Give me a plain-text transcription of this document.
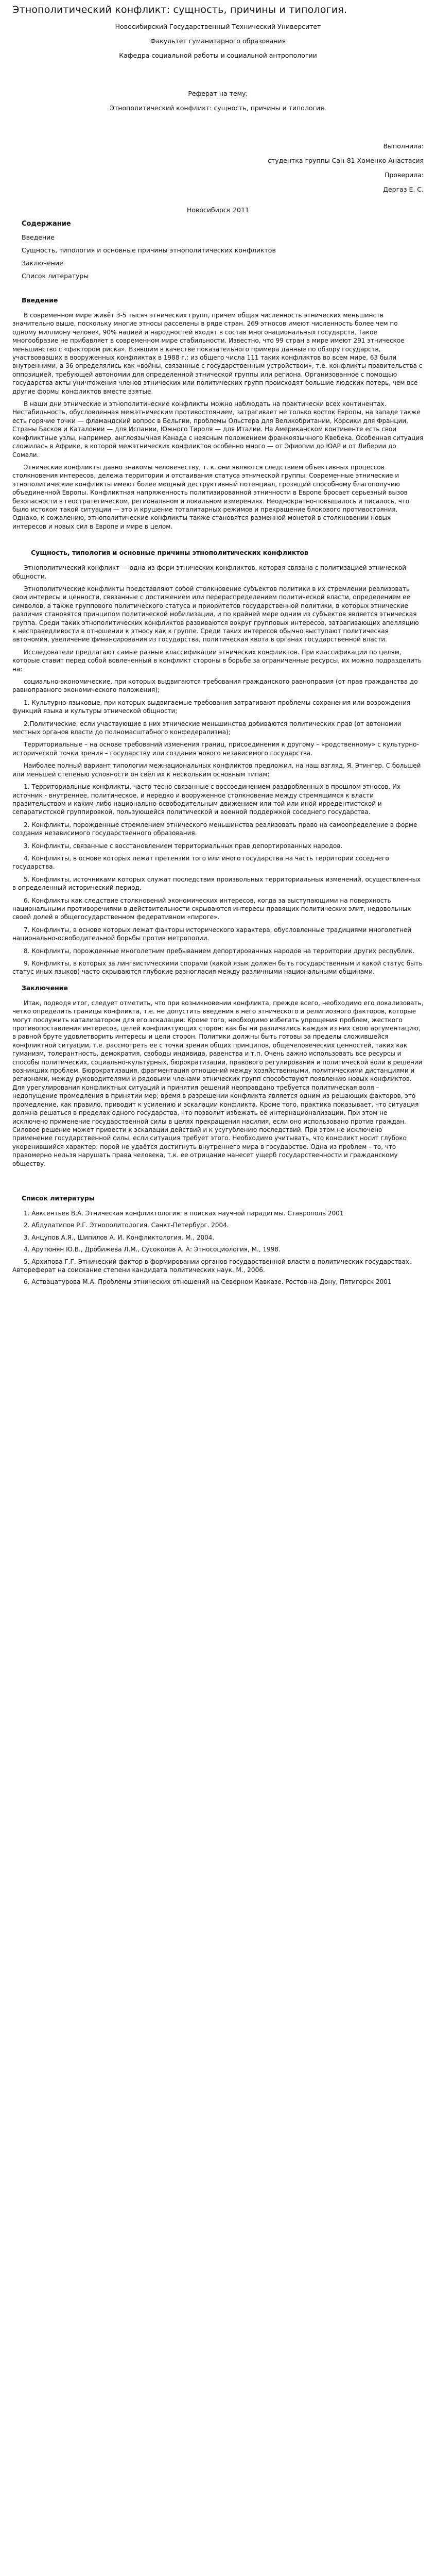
Этнополитический конфликт: сущность, причины и типология.
Новосибирский Государственный Технический Университет
Факультет гуманитарного образования
Кафедра социальной работы и социальной антропологии
Реферат на тему:
Этнополитический конфликт: сущность, причины и типология.
Выполнила:
студентка группы Сан-81 Хоменко Анастасия
Проверила:
Дергаз Е. С.
Новосибирск 2011
Содержание
Введение
Сущность, типология и основные причины этнополитических конфликтов
Заключение
Список литературы
Введение

В современном мире живёт 3-5 тысяч этнических групп, причем общая численность этнических меньшинств значительно выше, поскольку многие этносы расселены в ряде стран. 269 этносов имеют численность более чем по одному миллиону человек, 90% нацией и народностей входят в состав многонациональных государств. Такое многообразие не прибавляет в современном мире стабильности. Известно, что 99 стран в мире имеют 291 этническое меньшинство с «фактором риска». Взявшим в качестве показательного примера данные по обзору государств, участвовавших в вооруженных конфликтах в 1988 г.: из общего числа 111 таких конфликтов во всем мире, 63 были внутренними, а 36 определялись как «войны, связанные с государственным устройством», т.е. конфликты правительства с оппозицией, требующей автономии для определенной этнической группы или региона. Организованное с помощью государства акты уничтожения членов этнических или политических групп происходят большие людских потерь, чем все другие формы конфликтов вместе взятые.

В наши дни этнические и этнополитические конфликты можно наблюдать на практически всех континентах. Нестабильность, обусловленная межэтническим противостоянием, затрагивает не только восток Европы, на западе также есть горячие точки — фламандский вопрос в Бельгии, проблемы Ольстера для Великобритании, Корсики для Франции, Страны Басков и Каталонии — для Испании, Южного Тироля — для Италии. На Американском континенте есть свои конфликтные узлы, например, англоязычная Канада с неясным положением франкоязычного Квебека. Особенная ситуация сложилась в Африке, в которой межэтнических конфликтов особенно много — от Эфиопии до ЮАР и от Либерии до Сомали.

Этнические конфликты давно знакомы человечеству, т. к. они являются следствием объективных процессов столкновения интересов, дележа территории и отстаивания статуса этнической группы. Современные этнические и этнополитические конфликты имеют более мощный деструктивный потенциал, грозящий способному благополучию объединенной Европы. Конфликтная напряженность политизированной этничности в Европе бросает серьезный вызов безопасности в геостратегическом, региональном и локальном измерениях. Неоднократно-повышалось и писалось, что было истоком такой ситуации — это и крушение тоталитарных режимов и прекращение блокового противостояния. Однако, к сожалению, этнополитические конфликты также становятся разменной монетой в столкновении новых интересов и новых сил в Европе и мире в целом.

Сущность, типология и основные причины этнополитических конфликтов

Этнополитический конфликт — одна из форм этнических конфликтов, которая связана с политизацией этнической общности.

Этнополитические конфликты представляют собой столкновение субъектов политики в их стремлении реализовать свои интересы и ценности, связанные с достижением или перераспределением политической власти, определением ее символов, а также группового политического статуса и приоритетов государственной политики, в которых этнические различия становятся принципом политической мобилизации, и по крайней мере одним из субъектов является этническая группа. Среди таких этнополитических конфликтов развиваются вокруг групповых интересов, затрагивающих апелляцию к несправедливости в отношении к этносу как к группе. Среди таких интересов обычно выступают политическая автономия, увеличение финансирования из государства, политическая квота в органах государственной власти.

Исследователи предлагают самые разные классификации этнических конфликтов. При классификации по целям, которые ставит перед собой вовлеченный в конфликт стороны в борьбе за ограниченные ресурсы, их можно подразделить на:

социально-экономические, при которых выдвигаются требования гражданского равноправия (от прав гражданства до равноправного экономического положения);

1. Культурно-языковые, при которых выдвигаемые требования затрагивают проблемы сохранения или возрождения функций языка и культуры этнической общности;

2.Политические, если участвующие в них этнические меньшинства добиваются политических прав (от автономии местных органов власти до полномасштабного конфедерализма);

Территориальные – на основе требований изменения границ, присоединения к другому – «родственному» с культурно-исторической точки зрения – государству или создания нового независимого государства.

Наиболее полный вариант типологии межнациональных конфликтов предложил, на наш взгляд, Я. Этингер. С большей или меньшей степенью условности он свёл их к нескольким основным типам:

1. Территориальные конфликты, часто тесно связанные с воссоединением раздробленных в прошлом этносов. Их источник - внутреннее, политическое, и нередко и вооруженное столкновение между стремящимся к власти правительством и каким-либо национально-освободительным движением или той или иной ирредентистской и сепаратистской группировкой, пользующейся политической и военной поддержкой соседнего государства.

2. Конфликты, порожденные стремлением этнического меньшинства реализовать право на самоопределение в форме создания независимого государственного образования.

3. Конфликты, связанные с восстановлением территориальных прав депортированных народов.

4. Конфликты, в основе которых лежат претензии того или иного государства на часть территории соседнего государства.

5. Конфликты, источниками которых служат последствия произвольных территориальных изменений, осуществленных в определенный исторический период.

6. Конфликты как следствие столкновений экономических интересов, когда за выступающими на поверхность национальными противоречиями в действительности скрываются интересы правящих политических элит, недовольных своей долей в общегосударственном федеративном «пироге».

7. Конфликты, в основе которых лежат факторы исторического характера, обусловленные традициями многолетней национально-освободительной борьбы против метрополии.

8. Конфликты, порожденные многолетним пребыванием депортированных народов на территории других республик.

9. Конфликты, в которых за лингвистическими спорами (какой язык должен быть государственным и какой статус быть статус иных языков) часто скрываются глубокие разногласия между различными национальными общинами.

Заключение

Итак, подводя итог, следует отметить, что при возникновении конфликта, прежде всего, необходимо его локализовать, четко определить границы конфликта, т.е. не допустить введения в него этнического и религиозного факторов, которые могут послужить катализатором для его эскалации. Кроме того, необходимо избегать упрощения проблем, жесткого противопоставления интересов, целей конфликтующих сторон: как бы ни различались каждая из них свою аргументацию, в равной бруте удовлетворить интересы и цели сторон. Политики должны быть готовы за пределы сложившейся конфликтной ситуации, т.е. рассмотреть ее с точки зрения общих принципов, общечеловеческих ценностей, таких как гуманизм, толерантность, демократия, свободы индивида, равенства и т.п. Очень важно использовать все ресурсы и способы политических, социально-культурных, бюрократизации, правового регулирования и политической воли в решении возникших проблем. Бюрократизация, фрагментация отношений между хозяйственными, политическими дистанциями и регионами, между руководителями и рядовыми членами этнических групп способствуют появлению новых конфликтов. Для урегулирования конфликтных ситуаций и принятия решений неоправдано требуется политическая воля – недопущение промедления в принятии мер; время в разрешении конфликта является одним из решающих факторов, это промедление, как правило, приводит к усилению и эскалации конфликта. Кроме того, практика показывает, что ситуация должна решаться в пределах одного государства, что позволит избежать её интернационализации. При этом не исключено применение государственной силы в целях прекращения насилия, если оно использовано против граждан. Силовое решение может привести к эскалации действий и к усугублению последствий. При этом не исключено применение государственной силы, если ситуация требует этого. Необходимо учитывать, что конфликт носит глубоко укоренившийся характер: порой не удаётся достигнуть внутреннего мира в государстве. Одна из проблем – то, что правомерно нельзя нарушать права человека, т.к. ее отрицание нанесет ущерб государственности и гражданскому обществу.

Список литературы

1. Авксентьев В.А. Этническая конфликтология: в поисках научной парадигмы. Ставрополь 2001

2. Абдулатипов Р.Г. Этнополитология. Санкт-Петербург. 2004.

3. Анцупов А.Я., Шипилов А. И. Конфликтология. М., 2004.

4. Арутюнян Ю.В., Дробижева Л.М., Сусоколов А. А: Этносоциология, М., 1998.

5. Архипова Г.Г. Этнический фактор в формировании органов государственной власти в политических государствах. Автореферат на соискание степени кандидата политических наук. М., 2006.

6. Аствацатурова М.А. Проблемы этнических отношений на Северном Кавказе. Ростов-на-Дону, Пятигорск 2001
